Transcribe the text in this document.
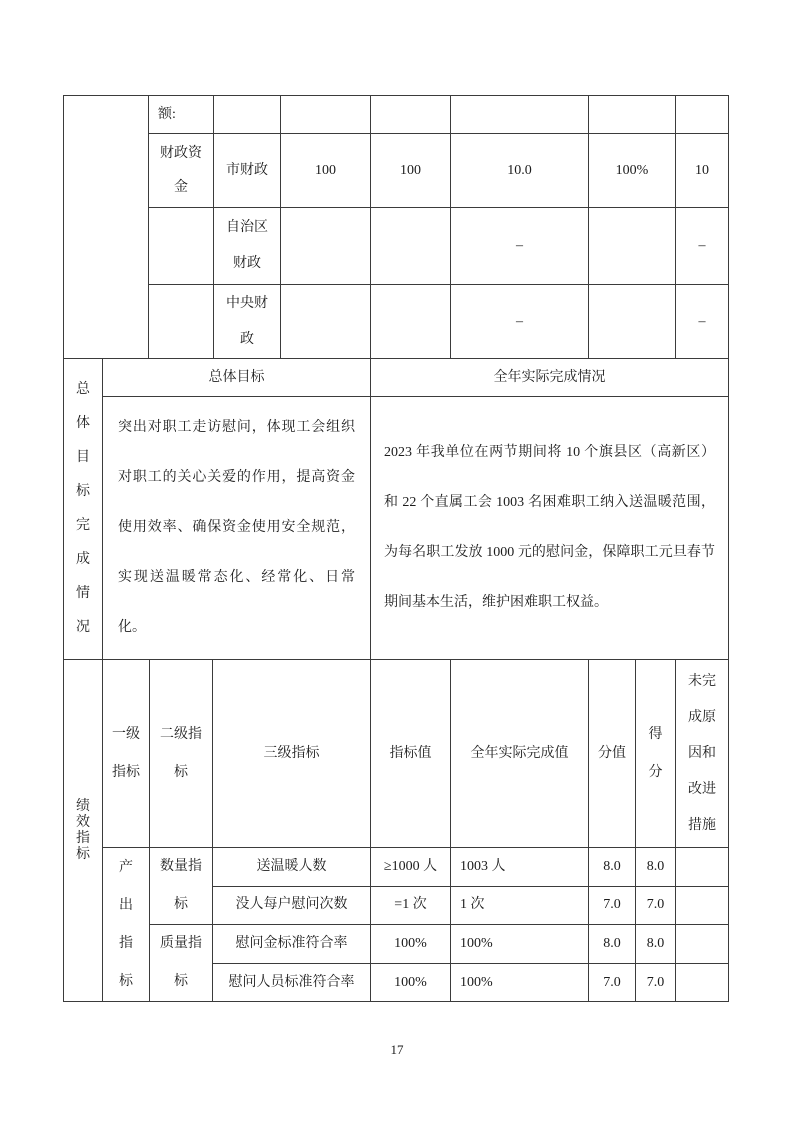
	额:						

	财政资金	市财政	100	100	10.0	100%	10

		自治区财政			–		–

		中央财政			–		–
总体目标完成情况	总体目标	全年实际完成情况

	突出对职工走访慰问，体现工会组织对职工的关心关爱的作用，提高资金使用效率、确保资金使用安全规范，实现送温暖常态化、经常化、日常化。	2023 年我单位在两节期间将 10 个旗县区（高新区）和 22 个直属工会 1003 名困难职工纳入送温暖范围，为每名职工发放 1000 元的慰问金，保障职工元旦春节期间基本生活，维护困难职工权益。
绩效指标	一级指标	二级指标	三级指标	指标值	全年实际完成值	分值	得分	未完成原因和改进措施

	产出指标	数量指标	送温暖人数	≥1000 人	1003 人	8.0	8.0	
			没人每户慰问次数	=1 次	1 次	7.0	7.0	

		质量指标	慰问金标准符合率	100%	100%	8.0	8.0	
			慰问人员标准符合率	100%	100%	7.0	7.0	
17
